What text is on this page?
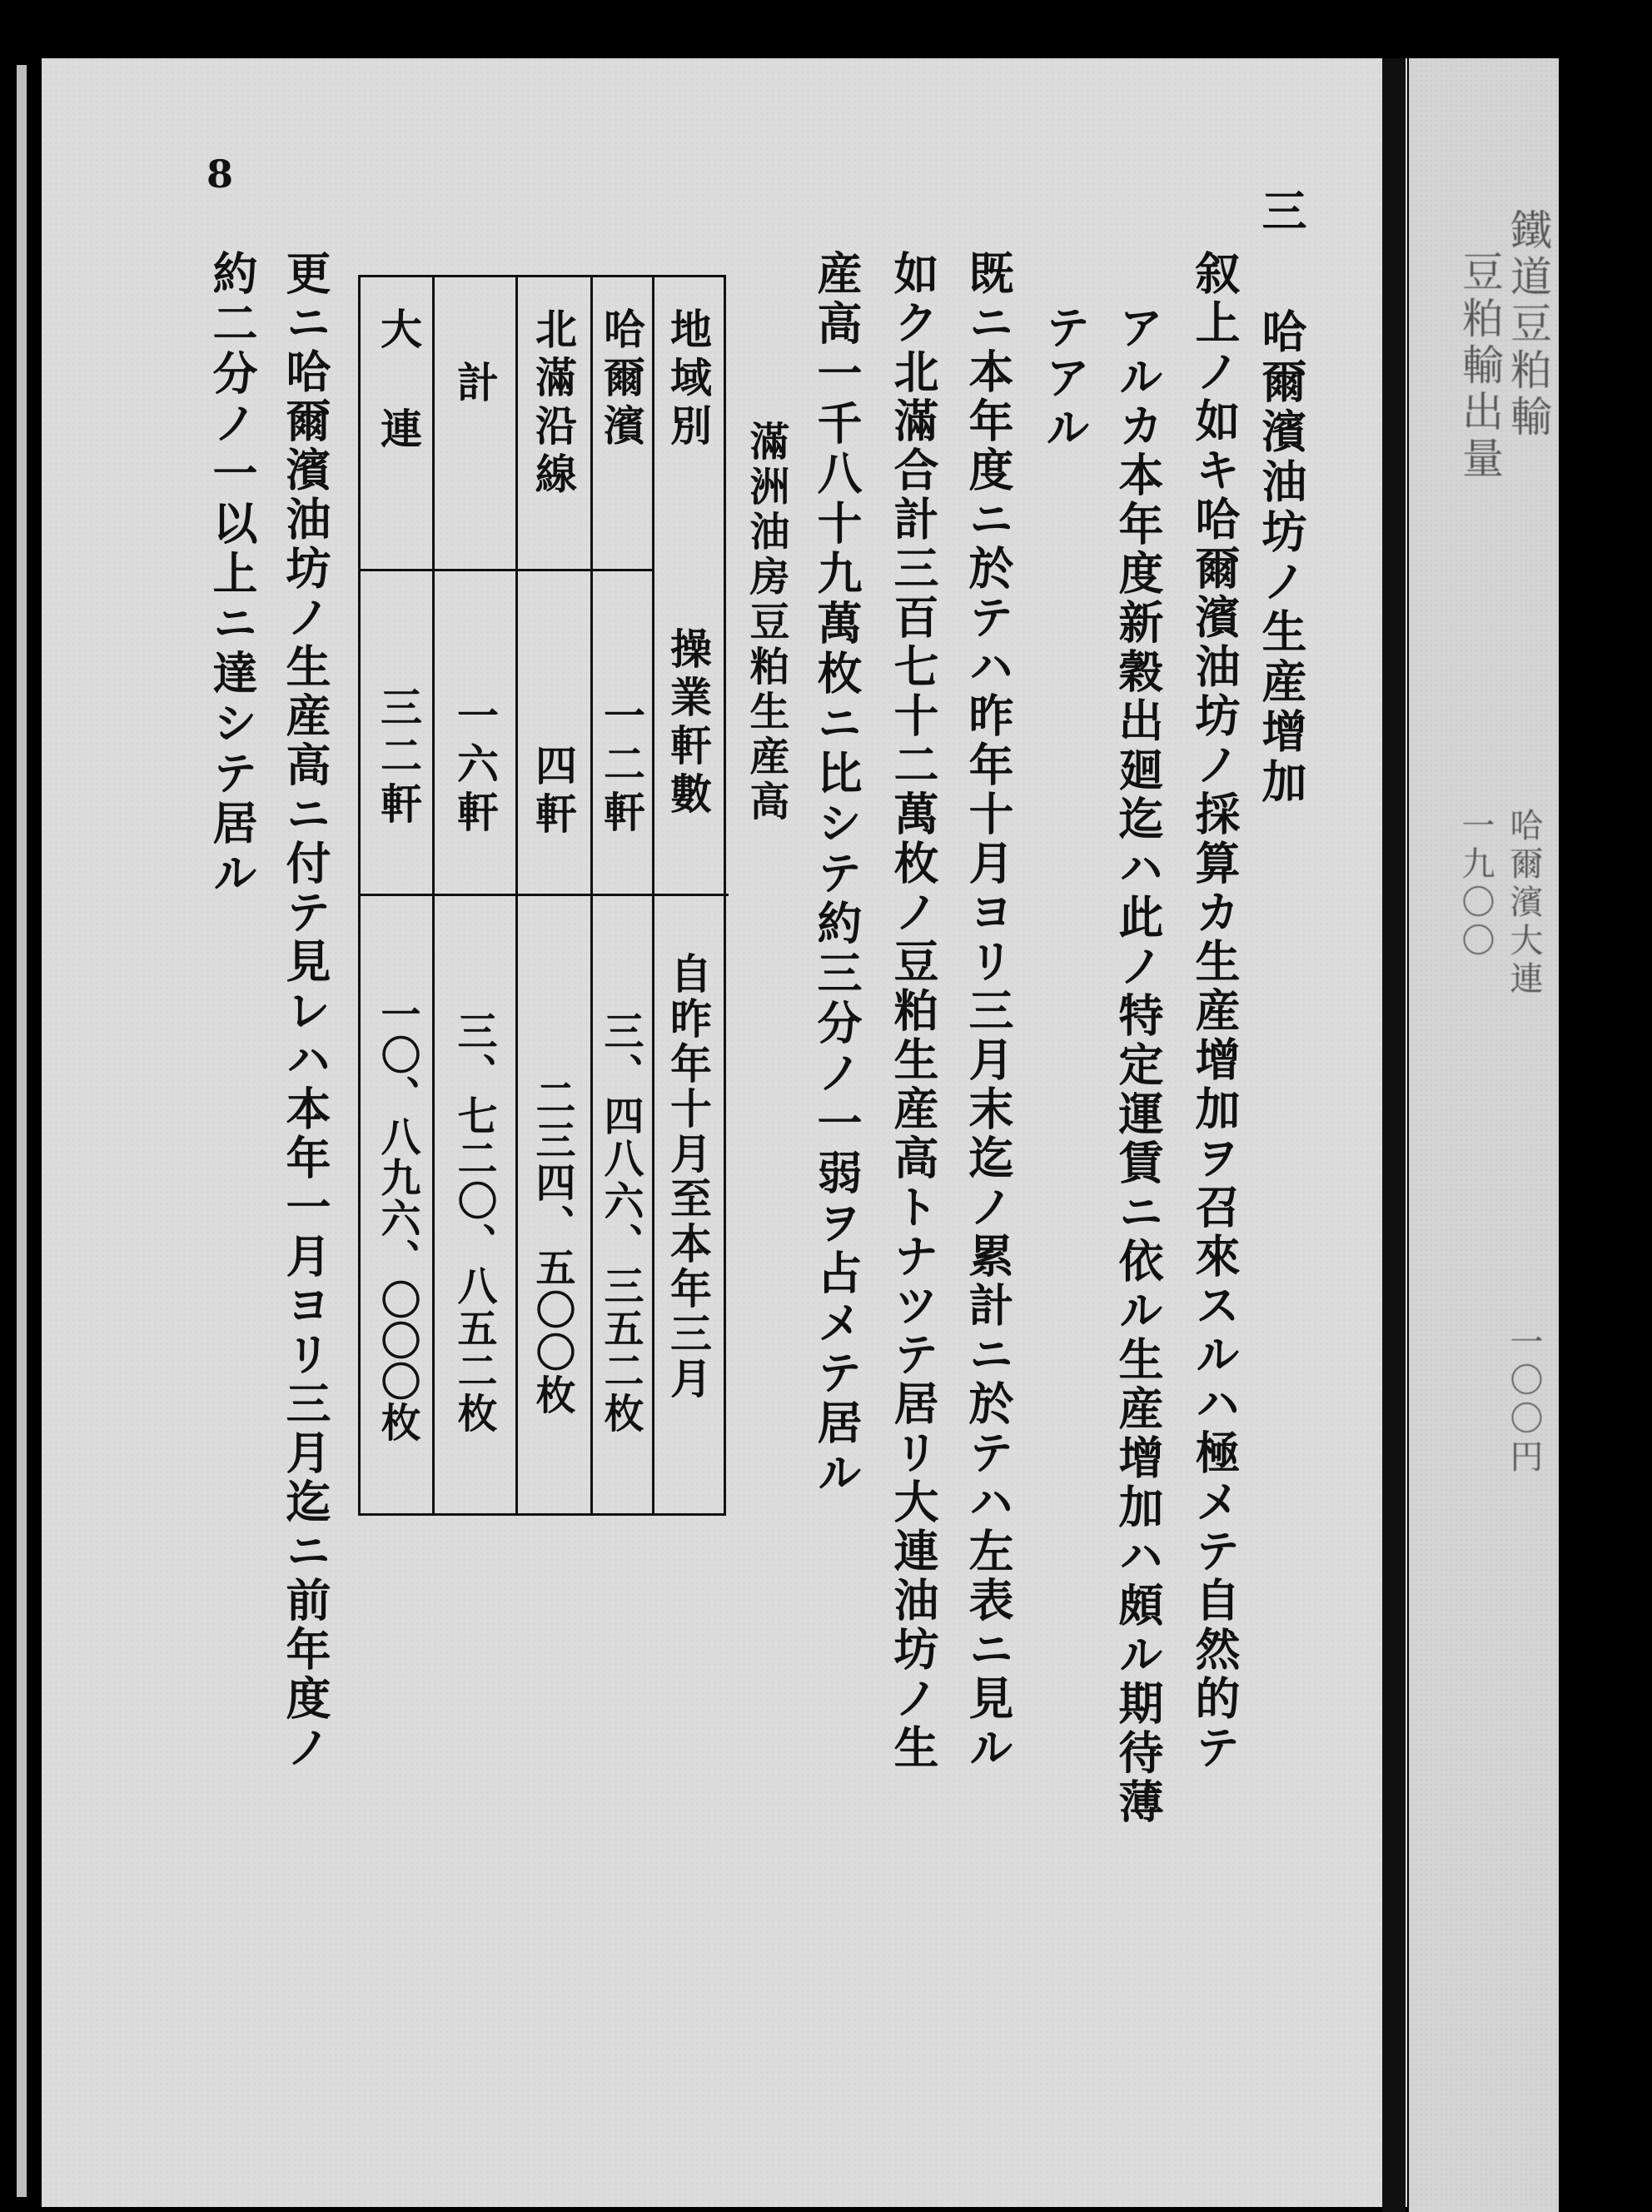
鐵道豆粕輸
豆粕輸出量
哈爾濱大連
一九〇〇
一〇〇円
8
三
哈爾濱油坊ノ生産增加
叙上ノ如キ哈爾濱油坊ノ採算カ生産增加ヲ召來スルハ極メテ自然的テ
アルカ本年度新穀出廻迄ハ此ノ特定運賃ニ依ル生産增加ハ頗ル期待薄
テアル
既ニ本年度ニ於テハ昨年十月ヨリ三月末迄ノ累計ニ於テハ左表ニ見ル
如ク北滿合計三百七十二萬枚ノ豆粕生産高トナツテ居リ大連油坊ノ生
産高一千八十九萬枚ニ比シテ約三分ノ一弱ヲ占メテ居ル
滿洲油房豆粕生産高
地域別
操業軒數
自昨年十月至本年三月
哈爾濱
一二軒
三、四八六、三五二枚
北滿沿線
四軒
二三四、五〇〇枚
計
一六軒
三、七二〇、八五二枚
大　連
三二軒
一〇、八九六、〇〇〇枚
更ニ哈爾濱油坊ノ生産高ニ付テ見レハ本年一月ヨリ三月迄ニ前年度ノ
約二分ノ一以上ニ達シテ居ル
